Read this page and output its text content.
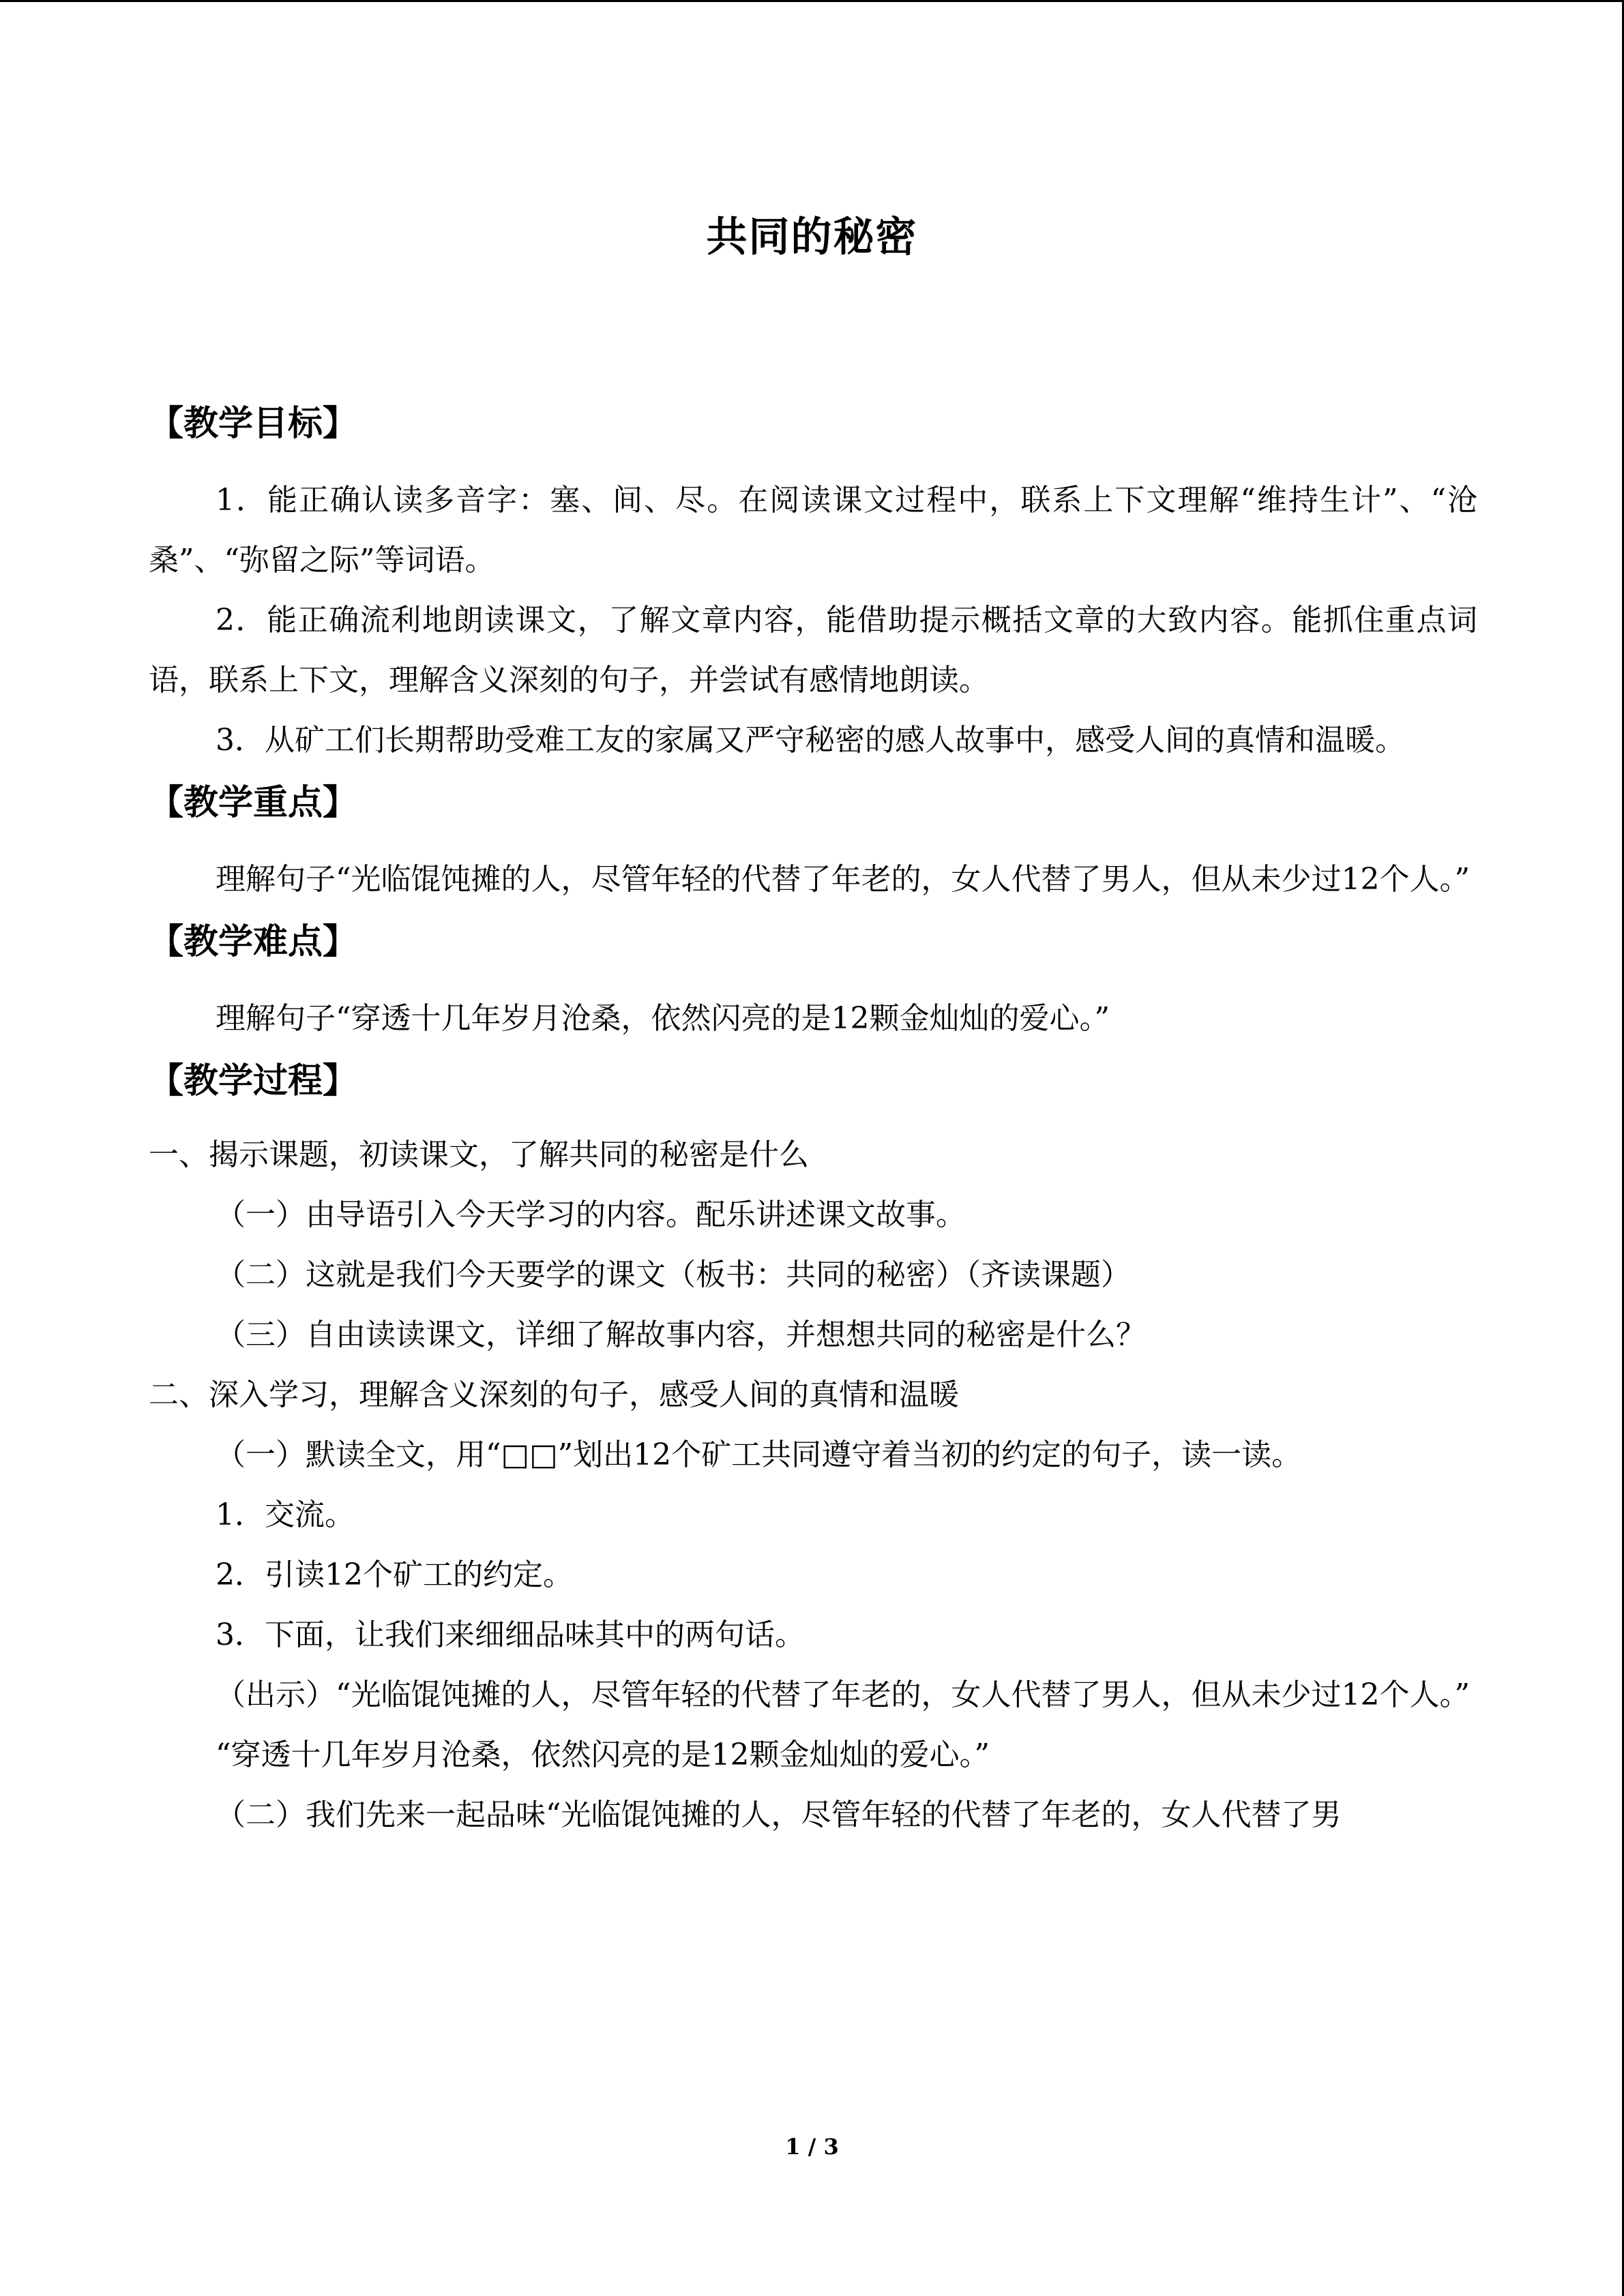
共同的秘密
【教学目标】

1．能正确认读多音字：塞、间、尽。在阅读课文过程中，联系上下文理解“维持生计”、“沧桑”、“弥留之际”等词语。

2．能正确流利地朗读课文，了解文章内容，能借助提示概括文章的大致内容。能抓住重点词语，联系上下文，理解含义深刻的句子，并尝试有感情地朗读。

3．从矿工们长期帮助受难工友的家属又严守秘密的感人故事中，感受人间的真情和温暖。

【教学重点】

理解句子“光临馄饨摊的人，尽管年轻的代替了年老的，女人代替了男人，但从未少过12个人。”

【教学难点】

理解句子“穿透十几年岁月沧桑，依然闪亮的是12颗金灿灿的爱心。”

【教学过程】

一、揭示课题，初读课文，了解共同的秘密是什么

（一）由导语引入今天学习的内容。配乐讲述课文故事。

（二）这就是我们今天要学的课文（板书：共同的秘密）（齐读课题）

（三）自由读读课文，详细了解故事内容，并想想共同的秘密是什么？

二、深入学习，理解含义深刻的句子，感受人间的真情和温暖

（一）默读全文，用“□□”划出12个矿工共同遵守着当初的约定的句子，读一读。

1．交流。

2．引读12个矿工的约定。

3．下面，让我们来细细品味其中的两句话。

（出示）“光临馄饨摊的人，尽管年轻的代替了年老的，女人代替了男人，但从未少过12个人。”

“穿透十几年岁月沧桑，依然闪亮的是12颗金灿灿的爱心。”

（二）我们先来一起品味“光临馄饨摊的人，尽管年轻的代替了年老的，女人代替了男

1 / 3
